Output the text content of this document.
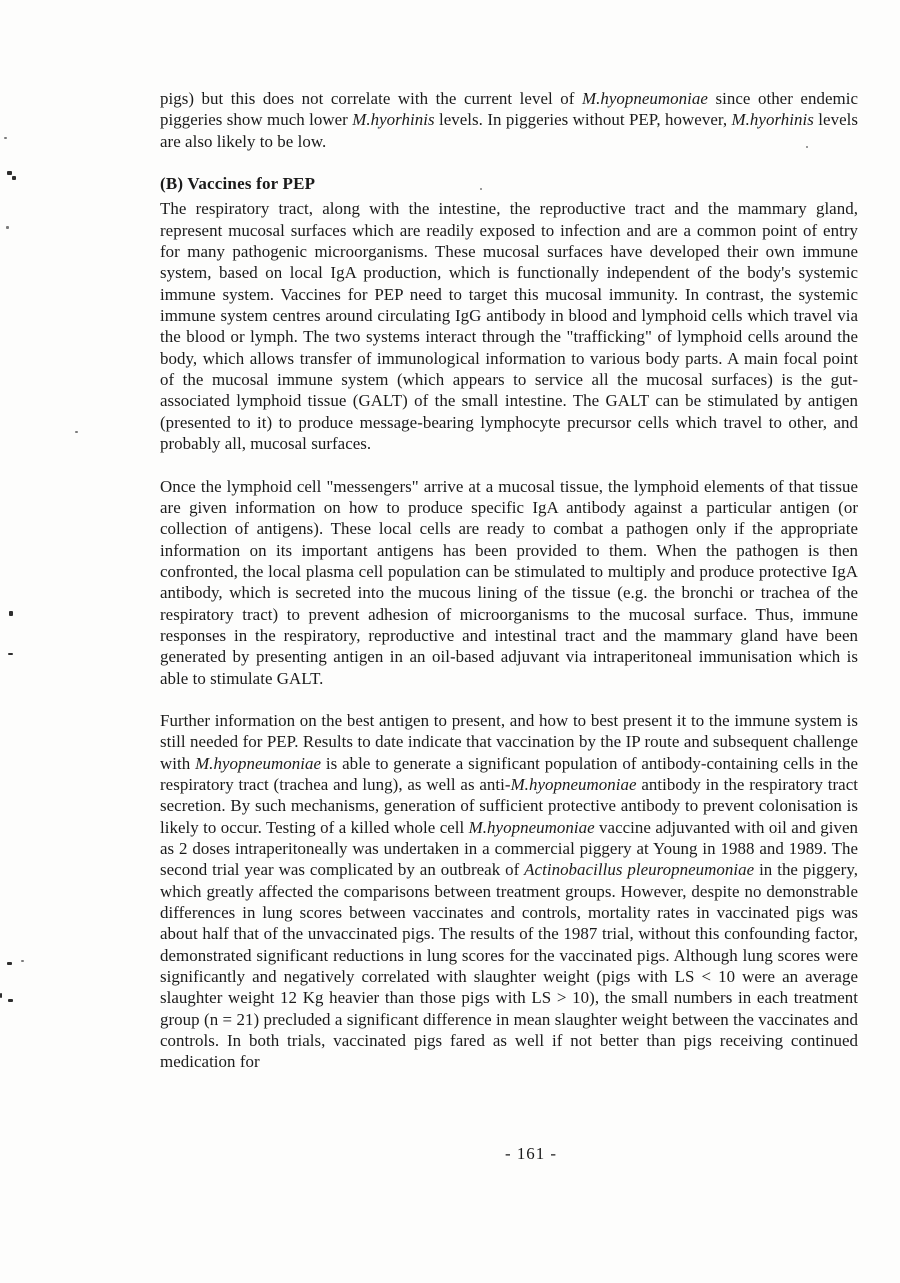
pigs) but this does not correlate with the current level of M.hyopneumoniae since other endemic piggeries show much lower M.hyorhinis levels. In piggeries without PEP, however, M.hyorhinis levels are also likely to be low.

(B) Vaccines for PEP

The respiratory tract, along with the intestine, the reproductive tract and the mammary gland, represent mucosal surfaces which are readily exposed to infection and are a common point of entry for many pathogenic microorganisms. These mucosal surfaces have developed their own immune system, based on local IgA production, which is functionally independent of the body's systemic immune system. Vaccines for PEP need to target this mucosal immunity. In contrast, the systemic immune system centres around circulating IgG antibody in blood and lymphoid cells which travel via the blood or lymph. The two systems interact through the "trafficking" of lymphoid cells around the body, which allows transfer of immunological information to various body parts. A main focal point of the mucosal immune system (which appears to service all the mucosal surfaces) is the gut-associated lymphoid tissue (GALT) of the small intestine. The GALT can be stimulated by antigen (presented to it) to produce message-bearing lymphocyte precursor cells which travel to other, and probably all, mucosal surfaces.

Once the lymphoid cell "messengers" arrive at a mucosal tissue, the lymphoid elements of that tissue are given information on how to produce specific IgA antibody against a particular antigen (or collection of antigens). These local cells are ready to combat a pathogen only if the appropriate information on its important antigens has been provided to them. When the pathogen is then confronted, the local plasma cell population can be stimulated to multiply and produce protective IgA antibody, which is secreted into the mucous lining of the tissue (e.g. the bronchi or trachea of the respiratory tract) to prevent adhesion of microorganisms to the mucosal surface. Thus, immune responses in the respiratory, reproductive and intestinal tract and the mammary gland have been generated by presenting antigen in an oil-based adjuvant via intraperitoneal immunisation which is able to stimulate GALT.

Further information on the best antigen to present, and how to best present it to the immune system is still needed for PEP. Results to date indicate that vaccination by the IP route and subsequent challenge with M.hyopneumoniae is able to generate a significant population of antibody-containing cells in the respiratory tract (trachea and lung), as well as anti-M.hyopneumoniae antibody in the respiratory tract secretion. By such mechanisms, generation of sufficient protective antibody to prevent colonisation is likely to occur. Testing of a killed whole cell M.hyopneumoniae vaccine adjuvanted with oil and given as 2 doses intraperitoneally was undertaken in a commercial piggery at Young in 1988 and 1989. The second trial year was complicated by an outbreak of Actinobacillus pleuropneumoniae in the piggery, which greatly affected the comparisons between treatment groups. However, despite no demonstrable differences in lung scores between vaccinates and controls, mortality rates in vaccinated pigs was about half that of the unvaccinated pigs. The results of the 1987 trial, without this confounding factor, demonstrated significant reductions in lung scores for the vaccinated pigs. Although lung scores were significantly and negatively correlated with slaughter weight (pigs with LS < 10 were an average slaughter weight 12 Kg heavier than those pigs with LS > 10), the small numbers in each treatment group (n = 21) precluded a significant difference in mean slaughter weight between the vaccinates and controls. In both trials, vaccinated pigs fared as well if not better than pigs receiving continued medication for

- 161 -
